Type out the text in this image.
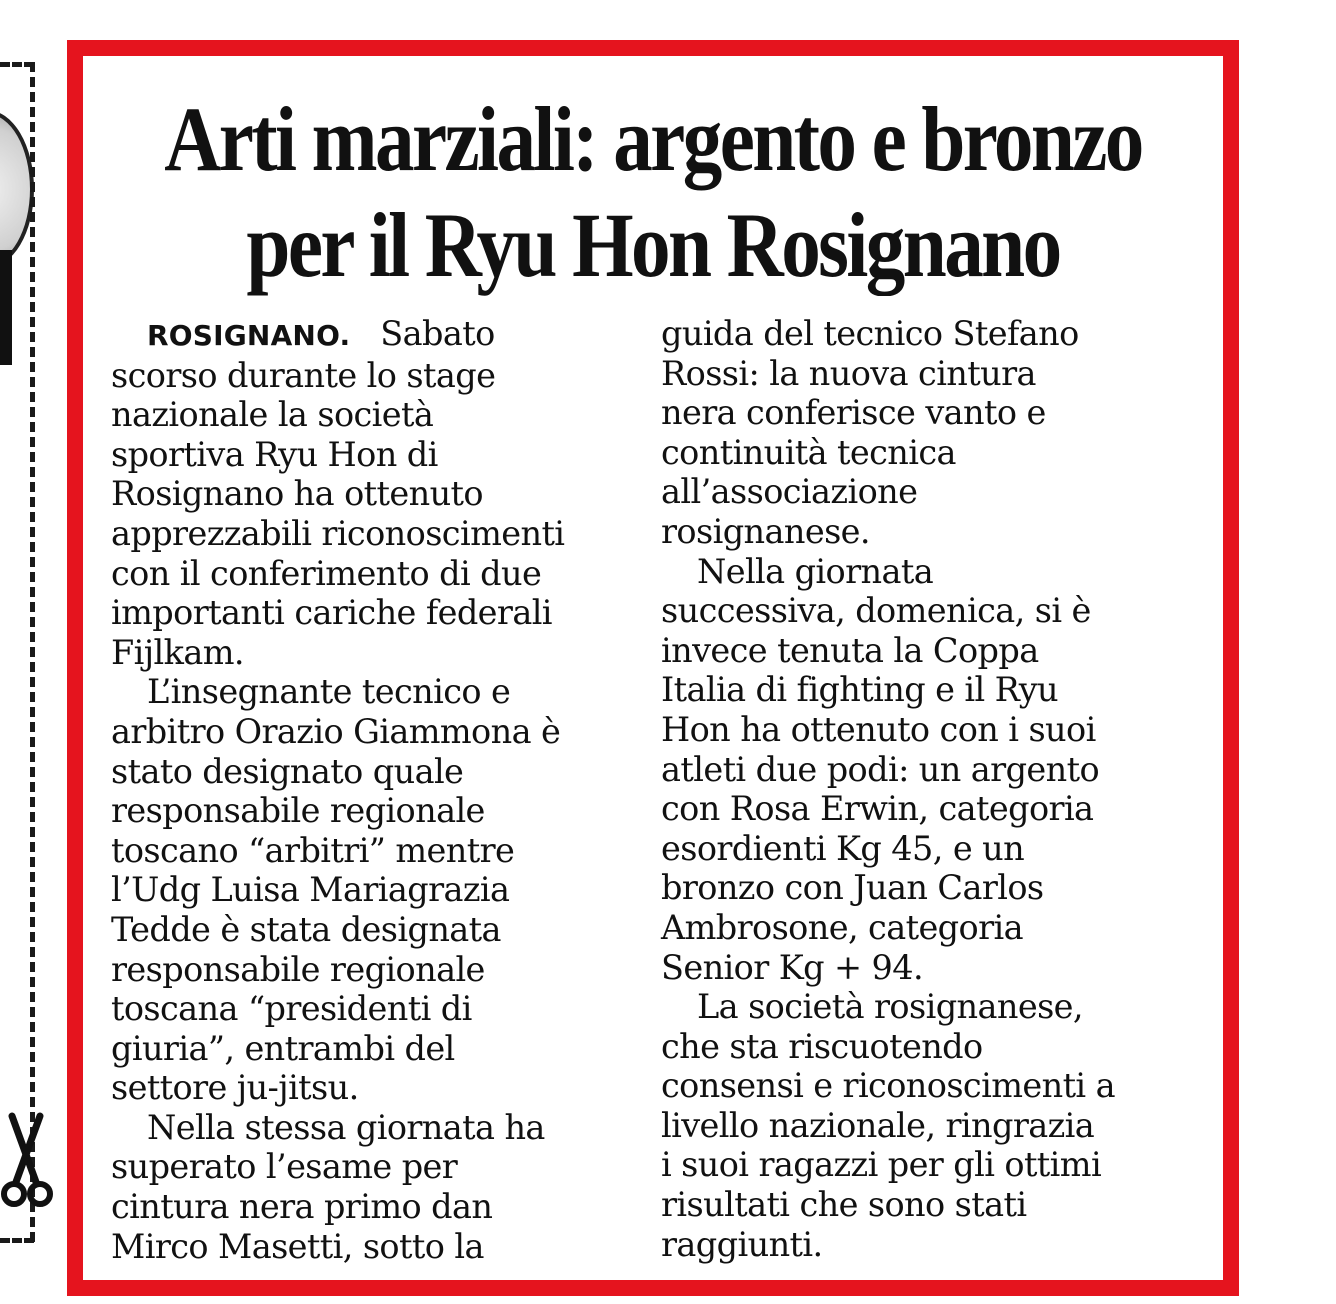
Arti marziali: argento e bronzo
per il Ryu Hon Rosignano

ROSIGNANO. Sabato

scorso durante lo stage
nazionale la società
sportiva Ryu Hon di
Rosignano ha ottenuto
apprezzabili riconoscimenti
con il conferimento di due
importanti cariche federali
Fijlkam.

L’insegnante tecnico e
arbitro Orazio Giammona è
stato designato quale
responsabile regionale
toscano “arbitri” mentre
l’Udg Luisa Mariagrazia
Tedde è stata designata
responsabile regionale
toscana “presidenti di
giuria”, entrambi del
settore ju-jitsu.

Nella stessa giornata ha
superato l’esame per
cintura nera primo dan
Mirco Masetti, sotto la

guida del tecnico Stefano
Rossi: la nuova cintura
nera conferisce vanto e
continuità tecnica
all’associazione
rosignanese.

Nella giornata
successiva, domenica, si è
invece tenuta la Coppa
Italia di fighting e il Ryu
Hon ha ottenuto con i suoi
atleti due podi: un argento
con Rosa Erwin, categoria
esordienti Kg 45, e un
bronzo con Juan Carlos
Ambrosone, categoria
Senior Kg + 94.

La società rosignanese,
che sta riscuotendo
consensi e riconoscimenti a
livello nazionale, ringrazia
i suoi ragazzi per gli ottimi
risultati che sono stati
raggiunti.
